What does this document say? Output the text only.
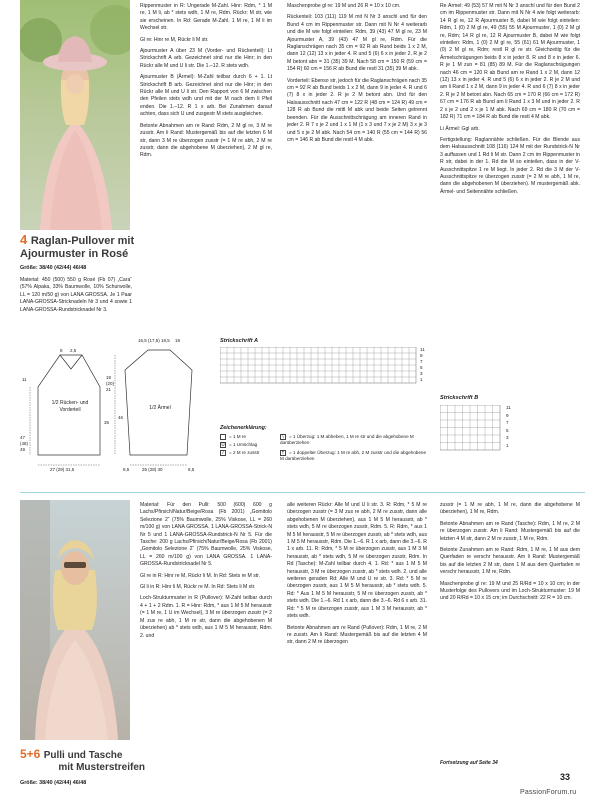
4 Raglan-Pullover mit
Ajourmuster in Rosé
Größe: 38/40 (42/44) 46/48
Material: 450 (500) 550 g Rosé (Fb 07) „Cara“ (57% Alpaka, 33% Baumwolle, 10% Schurwolle, LL = 120 m/50 g) von LANA GROSSA. Je 1 Paar LANA-GROSSA-Stricknadeln Nr 3 und 4 sowie 1 LANA-GROSSA-Rundstricknadel Nr 3.
1/2 Rücken- und Vorderteil	1/2 Ärmel
8 2,5
16,5 (17,5) 18,5 19
47
(48)
49
11
35
27 (29) 31,5
19
(20)
21
46
8,5	26 (28) 30	8,5

Rippenmuster in R: Ungerade M-Zahl. Hinr: Rdm, * 1 M re, 1 M li, ab * stets wdh, 1 M re, Rdm. Rückr: M str, wie sie erscheinen. In Rd: Gerade M-Zahl. 1 M re, 1 M li im Wechsel str.

Gl re: Hinr re M, Rückr li M str.

Ajourmuster A über 23 M (Vorder- und Rückenteil): Lt Strickschrift A arb. Gezeichnet sind nur die Hinr; in den Rückr alle M und U li str. Die 1.–12. R stets wdh.

Ajourmuster B (Ärmel): M-Zahl teilbar durch 6 + 1. Lt Strickschrift B arb. Gezeichnet sind nur die Hinr; in den Rückr alle M und U li str. Den Rapport von 6 M zwischen den Pfeilen stets wdh und mit der M nach dem li Pfeil enden. Die 1.–12. R 1 x arb. Bei Zunahmen darauf achten, dass sich U und zusgestr M stets ausgleichen.

Betonte Abnahmen am re Rand: Rdm, 2 M gl re, 3 M re zusstr. Am li Rand: Mustergemäß bis auf die letzten 6 M str, dann 3 M re überzogen zusstr (= 1 M re abh, 2 M re zusstr, dann die abgehobene M überziehen), 2 M gl re, Rdm.

Maschenprobe gl re: 19 M und 26 R = 10 x 10 cm.

Rückenteil: 103 (111) 119 M mit N Nr 3 anschl und für den Bund 4 cm im Rippenmuster str. Dann mit N Nr 4 weiterarb und die M wie folgt einteilen: Rdm, 39 (43) 47 M gl re, 23 M Ajourmuster A, 39 (43) 47 M gl re, Rdm. Für die Raglanschrägen nach 35 cm = 92 R ab Rund beids 1 x 2 M, dann 12 (12) 13 x in jeder 4. R und 5 (6) 6 x in jeder 2. R je 2 M betont abn = 31 (35) 39 M. Nach 58 cm = 150 R (59 cm = 154 R) 60 cm = 156 R ab Bund die restl 31 (35) 39 M abk.

Vorderteil: Ebenso str, jedoch für die Raglanschrägen nach 35 cm = 92 R ab Bund beids 1 x 2 M, dann 9 in jeder 4. R und 6 (7) 8 x in jeder 2. R je 2 M betont abn. Und für den Halsausschnitt nach 47 cm = 122 R (48 cm = 124 R) 49 cm = 128 R ab Bund die mittl M abk und beide Seiten getrennt beenden. Für die Ausschnittschrägung am inneren Rand in jeder 2. R 7 x je 2 und 1 x 1 M (1 x 3 und 7 x je 2 M) 3 x je 3 und 5 x je 2 M abk. Nach 54 cm = 140 R (55 cm = 144 R) 56 cm = 146 R ab Bund die restl 4 M abk.

Re Ärmel: 49 (53) 57 M mit N Nr 3 anschl und für den Bund 2 cm im Rippenmuster str. Dann mit N Nr 4 wie folgt weiterarb: 14 R gl re, 12 R Ajourmuster B, dabei M wie folgt einteilen: Rdm, 1 (0) 2 M gl re, 49 (55) 55 M Ajourmuster, 1 (0) 2 M gl re, Rdm; 14 R gl re, 12 R Ajourmuster B, dabei M wie folgt einteilen: Rdm, 1 (0) 2 M gl re, 55 (61) 61 M Ajourmuster, 1 (0) 2 M gl re, Rdm; restl R gl re str. Gleichzeitig für die Ärmelschrägungen beids 8 x in jeder 8. R und 8 x in jeder 6. R je 1 M zun = 81 (85) 89 M. Für die Raglanschrägungen nach 46 cm = 120 R ab Bund am re Rand 1 x 2 M, dann 12 (12) 13 x in jeder 4. R und 5 (6) 6 x in jeder 2. R je 2 M und am li Rand 1 x 2 M, dann 9 in jeder 4. R und 6 (7) 8 x in jeder 2. R je 2 M betont abn. Nach 65 cm = 170 R (66 cm = 172 R) 67 cm = 176 R ab Bund am li Rand 1 x 3 M und in jeder 2. R 2 x je 2 und 2 x je 1 M abk. Nach 69 cm = 180 R (70 cm = 182 R) 71 cm = 184 R ab Bund die restl 4 M abk.

Li Ärmel: Ggl arb.

Fertigstellung: Raglannähte schließen. Für die Blende aus dem Halsausschnitt 108 (116) 124 M mit der Rundstrick-N Nr 3 auffassen und 1 Rd li M str. Dann 2 cm im Rippenmuster in R str, dabei in der 1. Rd die M so einteilen, dass in der V-Ausschnittspitze 1 re M liegt. In jeder 2. Rd die 3 M der V-Ausschnittspitze re überzogen zusstr (= 2 M re abh, 1 M re, dann die abgehobenen M überziehen). M mustergemäß abk. Ärmel- und Seitennähte schließen.

Strickschrift A
11
9
7
5
3
1
Zeichenerklärung:
= 1 M re
U = 1 Umschlag
/ = 2 M re zusstr
\ = 1 Überzug: 1 M abheben, 1 M re str und die abgehobene M darüberziehen
↑ = 1 doppelter Überzug: 1 M re abh, 2 M zusstr und die abgehobene M darüberziehen
Strickschrift B
11
9
7
5
3
1
5+6 Pulli und Tasche
mit Musterstreifen
Größe: 38/40 (42/44) 46/48

Material: Für den Pulli: 500 (600) 600 g Lachs/Pfirsich/Natur/Beige/Rosa (Fb 2001) „Gomitolo Selezione 2“ (75% Baumwolle, 25% Viskose, LL = 260 m/100 g) von LANA GROSSA. 1 LANA-GROSSA-Strick-N Nr 5 und 1 LANA-GROSSA-Rundstrick-N Nr 5. Für die Tasche: 200 g Lachs/Pfirsich/Natur/Beige/Rosa (Fb 2001) „Gomitolo Selezione 2“ (75% Baumwolle, 25% Viskose, LL = 260 m/100 g) von LANA GROSSA. 1 LANA-GROSSA-Rundstricknadel Nr 5.

Gl re in R: Hinr re M, Rückr li M. In Rd: Stets re M str.

Gl li in R: Hinr li M, Rückr re M. In Rd: Stets li M str.

Loch-Strukturmuster in R (Pullover): M-Zahl teilbar durch 4 + 1 + 2 Rdm. 1. R = Hinr: Rdm, * aus 1 M 5 M herausstr (= 1 M re, 1 U im Wechsel), 3 M re überzogen zusstr (= 2 M zus re abh, 1 M re str, dann die abgehobenen M überziehen) ab * stets wdh, aus 1 M 5 M herausstr, Rdm. 2. und

alle weiteren Rückr: Alle M und U li str. 3. R: Rdm, * 5 M re überzogen zusstr (= 3 M zus re abh, 2 M re zusstr, dann alle abgehobenen M überziehen), aus 1 M 5 M herausstr, ab * stets wdh, 5 M re überzogen zusstr, Rdm. 5. R: Rdm, * aus 1 M 5 M herausstr, 5 M re überzogen zusstr, ab * stets wdh, aus 1 M 5 M herausstr, Rdm. Die 1.–6. R 1 x arb, dann die 3.–6. R 1 x arb. 11. R: Rdm, * 5 M re überzogen zusstr, aus 1 M 3 M herausstr, ab * stets wdh, 5 M re überzogen zusstr, Rdm. In Rd (Tasche): M-Zahl teilbar durch 4. 1. Rd: * aus 1 M 5 M herausstr, 3 M re überzogen zusstr, ab * stets wdh. 2. und alle weiteren geraden Rd: Alle M und U re str. 3. Rd: * 5 M re überzogen zusstr, aus 1 M 5 M herausstr, ab * stets wdh. 5. Rd: * Aus 1 M 5 M herausstr, 5 M re überzogen zusstr, ab * stets wdh. Die 1.–6. Rd 1 x arb, dann die 3.–6. Rd 6 x arb. 31. Rd: * 5 M re überzogen zusstr, aus 1 M 3 M herausstr, ab * stets wdh.

Betonte Abnahmen am re Rand (Pullover): Rdm, 1 M re, 2 M re zusstr. Am li Rand: Mustergemäß bis auf die letzten 4 M str, dann 2 M re überzogen

zusstr (= 1 M re abh, 1 M re, dann die abgehobene M überziehen), 1 M re, Rdm.

Betonte Abnahmen am re Rand (Tasche): Rdm, 1 M re, 2 M re überzogen zusstr. Am li Rand: Mustergemäß bis auf die letzten 4 M str, dann 2 M re zusstr, 1 M re, Rdm.

Betonte Zunahmen am re Rand: Rdm, 1 M re, 1 M aus dem Querfaden re verschr herausstr. Am li Rand: Mustergemäß bis auf die letzten 2 M str, dann 1 M aus dem Querfaden re verschr herausstr, 1 M re, Rdm.

Maschenprobe gl re: 19 M und 25 R/Rd = 10 x 10 cm; in der Musterfolge des Pullovers und im Loch-Strukturmuster: 19 M und 20 R/Rd = 10 x 15 cm; im Durchschnitt: 22 R = 10 cm.

Fortsetzung auf Seite 34
33
PassionForum.ru
